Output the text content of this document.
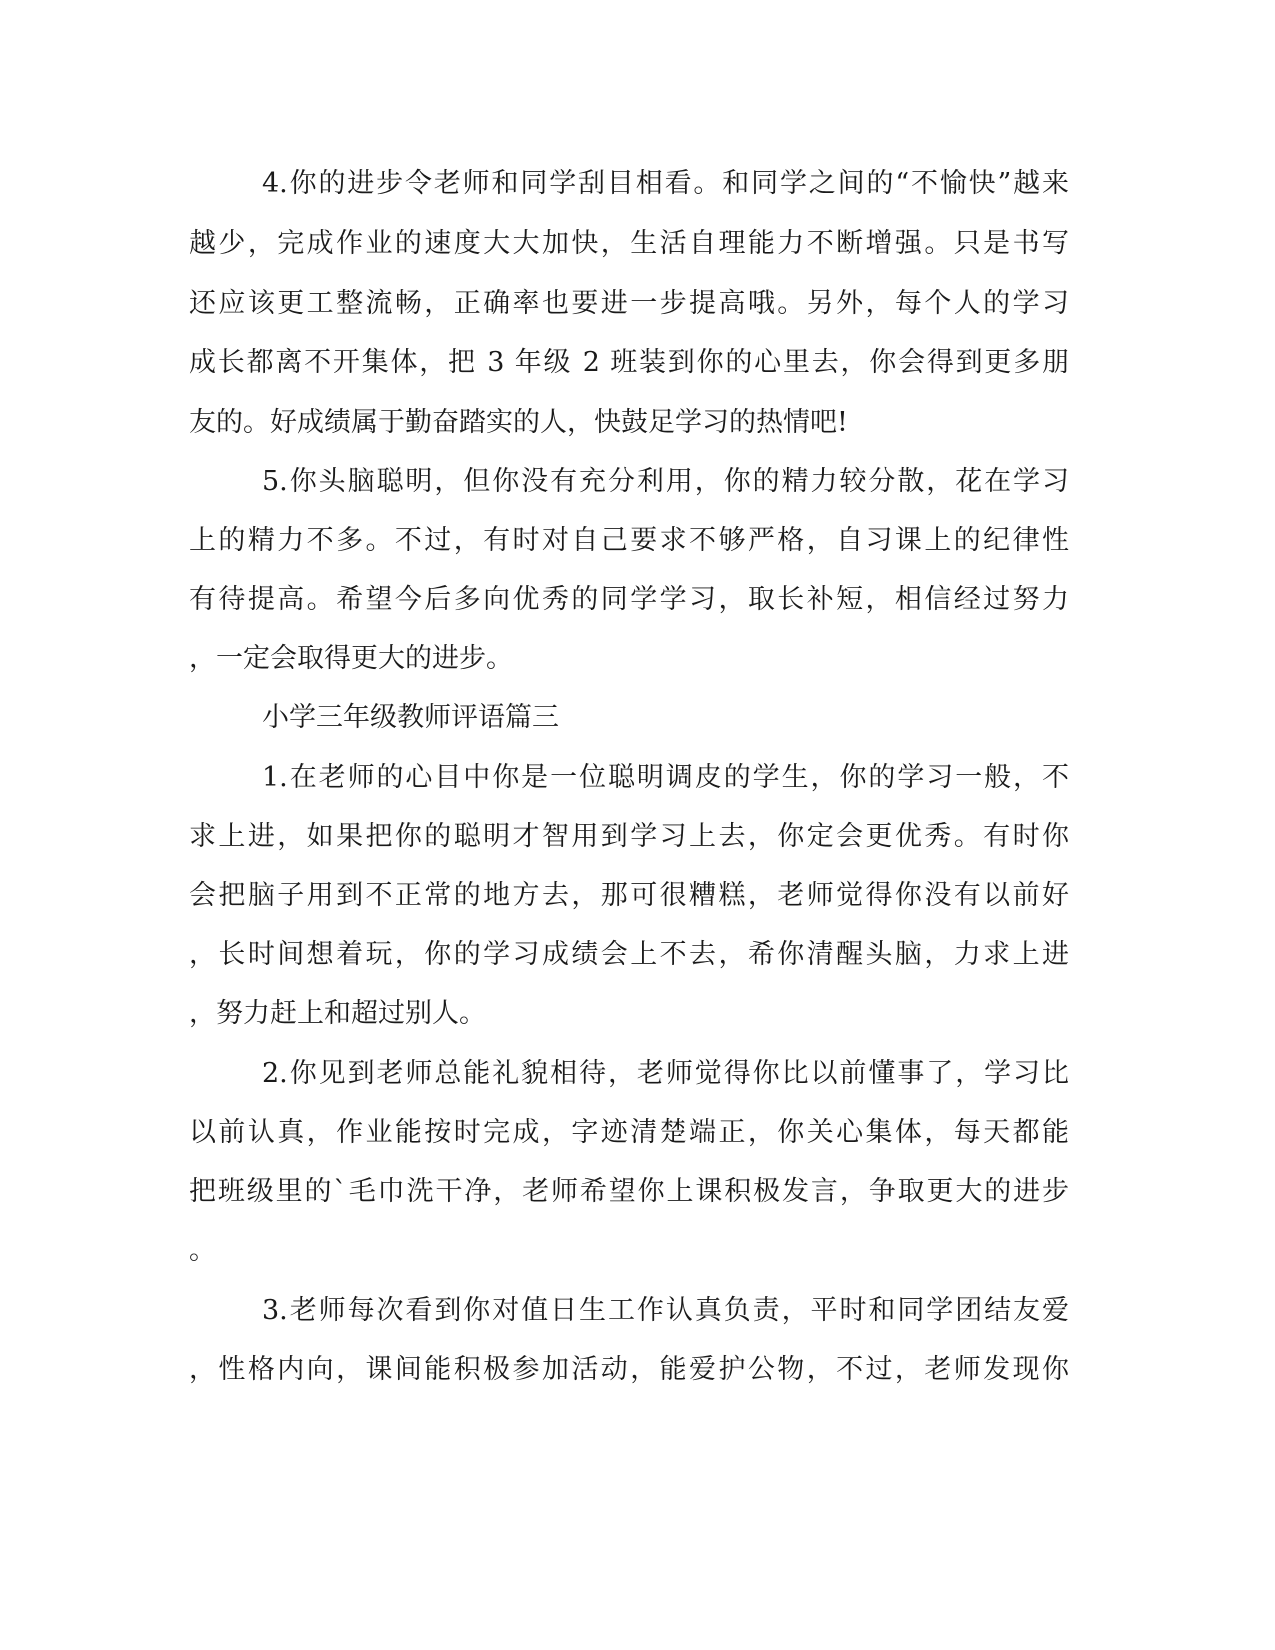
4.你的进步令老师和同学刮目相看。和同学之间的“不愉快”越来
越少，完成作业的速度大大加快，生活自理能力不断增强。只是书写
还应该更工整流畅，正确率也要进一步提高哦。另外，每个人的学习
成长都离不开集体，把 3 年级 2 班装到你的心里去，你会得到更多朋
友的。好成绩属于勤奋踏实的人，快鼓足学习的热情吧!
5.你头脑聪明，但你没有充分利用，你的精力较分散，花在学习
上的精力不多。不过，有时对自己要求不够严格，自习课上的纪律性
有待提高。希望今后多向优秀的同学学习，取长补短，相信经过努力
，一定会取得更大的进步。
小学三年级教师评语篇三
1.在老师的心目中你是一位聪明调皮的学生，你的学习一般，不
求上进，如果把你的聪明才智用到学习上去，你定会更优秀。有时你
会把脑子用到不正常的地方去，那可很糟糕，老师觉得你没有以前好
，长时间想着玩，你的学习成绩会上不去，希你清醒头脑，力求上进
，努力赶上和超过别人。
2.你见到老师总能礼貌相待，老师觉得你比以前懂事了，学习比
以前认真，作业能按时完成，字迹清楚端正，你关心集体，每天都能
把班级里的`毛巾洗干净，老师希望你上课积极发言，争取更大的进步
。
3.老师每次看到你对值日生工作认真负责，平时和同学团结友爱
，性格内向，课间能积极参加活动，能爱护公物，不过，老师发现你
